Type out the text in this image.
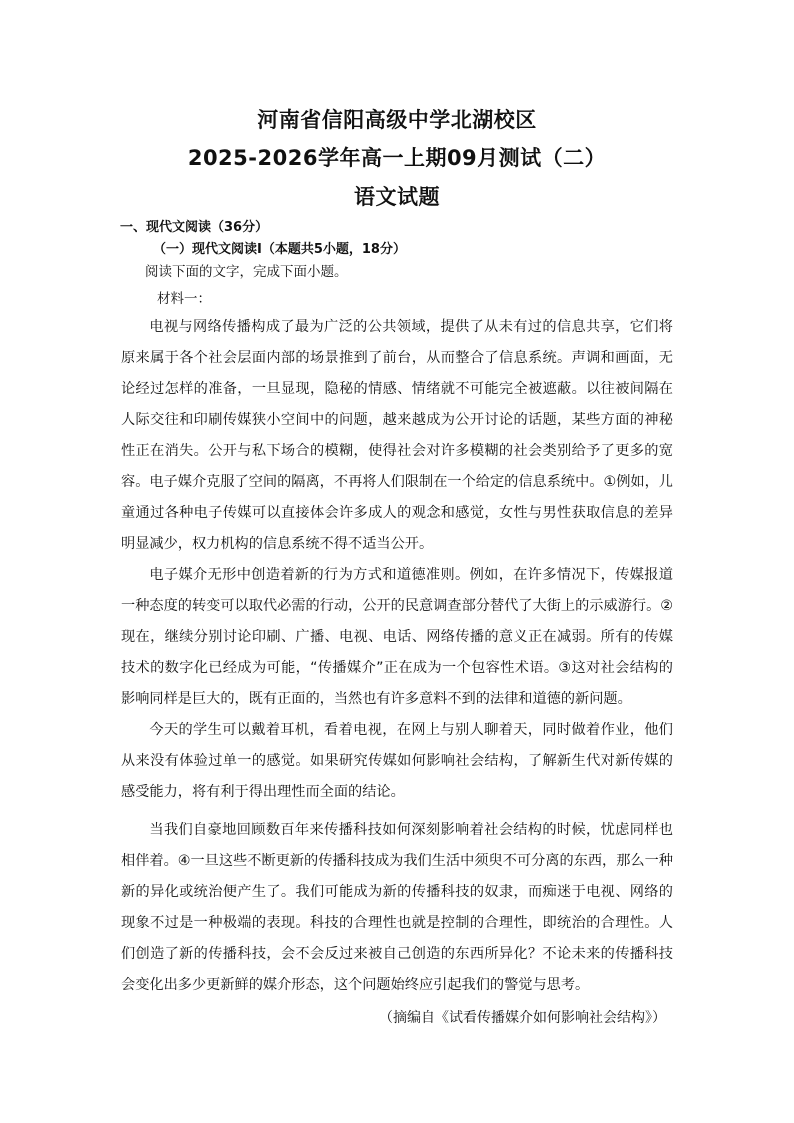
河南省信阳高级中学北湖校区
2025-2026学年高一上期09月测试（二）
语文试题
一、现代文阅读（36分）
（一）现代文阅读Ⅰ（本题共5小题，18分）
阅读下面的文字，完成下面小题。
材料一：

电视与网络传播构成了最为广泛的公共领域，提供了从未有过的信息共享，它们将原来属于各个社会层面内部的场景推到了前台，从而整合了信息系统。声调和画面，无论经过怎样的准备，一旦显现，隐秘的情感、情绪就不可能完全被遮蔽。以往被间隔在人际交往和印刷传媒狭小空间中的问题，越来越成为公开讨论的话题，某些方面的神秘性正在消失。公开与私下场合的模糊，使得社会对许多模糊的社会类别给予了更多的宽容。 电子媒介克服了空间的隔离，不再将人们限制在一个给定的信息系统中。①例如，儿童通过各种电子传媒可以直接体会许多成人的观念和感觉，女性与男性获取信息的差异明显减少，权力机构的信息系统不得不适当公开。

电子媒介无形中创造着新的行为方式和道德准则。例如，在许多情况下，传媒报道一种态度的转变可以取代必需的行动，公开的民意调查部分替代了大街上的示威游行。②现在，继续分别讨论印刷、广播、电视、电话、网络传播的意义正在减弱。所有的传媒技术的数字化已经成为可能，“传播媒介”正在成为一个包容性术语。③这对社会结构的影响同样是巨大的，既有正面的，当然也有许多意料不到的法律和道德的新问题。

今天的学生可以戴着耳机，看着电视，在网上与别人聊着天，同时做着作业，他们从来没有体验过单一的感觉。如果研究传媒如何影响社会结构，了解新生代对新传媒的感受能力，将有利于得出理性而全面的结论。

当我们自豪地回顾数百年来传播科技如何深刻影响着社会结构的时候，忧虑同样也相伴着。④一旦这些不断更新的传播科技成为我们生活中须臾不可分离的东西，那么一种新的异化或统治便产生了。我们可能成为新的传播科技的奴隶，而痴迷于电视、网络的现象不过是一种极端的表现。科技的合理性也就是控制的合理性，即统治的合理性。人们创造了新的传播科技，会不会反过来被自己创造的东西所异化？不论未来的传播科技会变化出多少更新鲜的媒介形态，这个问题始终应引起我们的警觉与思考。

（摘编自《试看传播媒介如何影响社会结构》）
